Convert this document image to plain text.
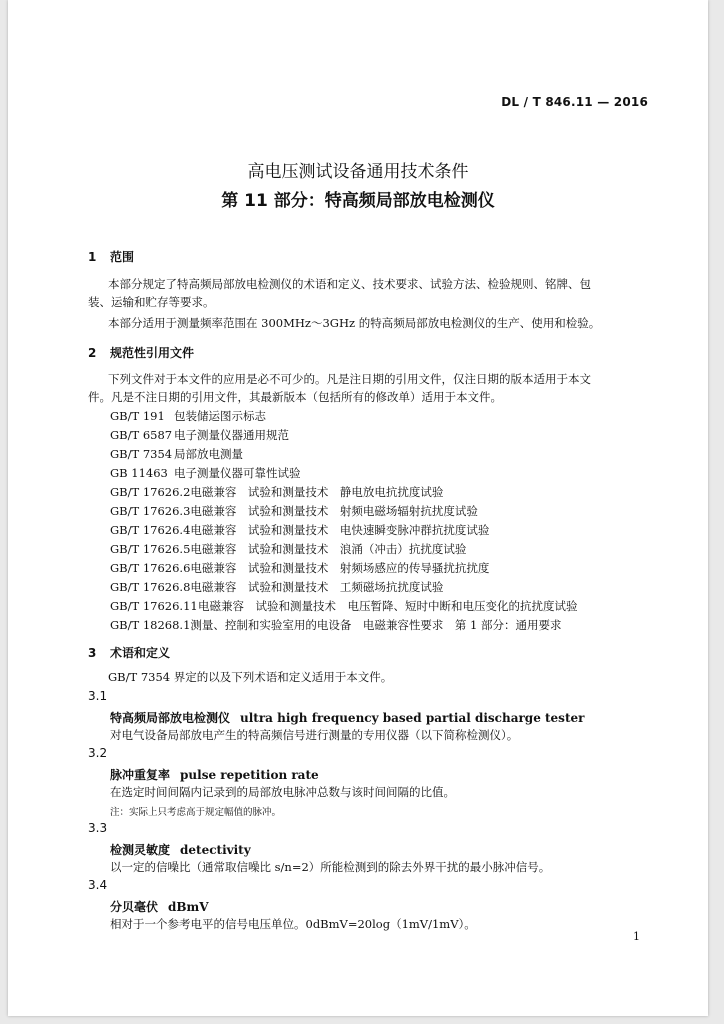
DL / T 846.11 — 2016
高电压测试设备通用技术条件
第 11 部分：特高频局部放电检测仪
1 范围
本部分规定了特高频局部放电检测仪的术语和定义、技术要求、试验方法、检验规则、铭牌、包
装、运输和贮存等要求。
本部分适用于测量频率范围在 300MHz～3GHz 的特高频局部放电检测仪的生产、使用和检验。
2 规范性引用文件
下列文件对于本文件的应用是必不可少的。凡是注日期的引用文件，仅注日期的版本适用于本文
件。凡是不注日期的引用文件，其最新版本（包括所有的修改单）适用于本文件。
GB/T 191 包装储运图示标志
GB/T 6587 电子测量仪器通用规范
GB/T 7354 局部放电测量
GB 11463 电子测量仪器可靠性试验
GB/T 17626.2电磁兼容　试验和测量技术　静电放电抗扰度试验
GB/T 17626.3电磁兼容　试验和测量技术　射频电磁场辐射抗扰度试验
GB/T 17626.4电磁兼容　试验和测量技术　电快速瞬变脉冲群抗扰度试验
GB/T 17626.5电磁兼容　试验和测量技术　浪涌（冲击）抗扰度试验
GB/T 17626.6电磁兼容　试验和测量技术　射频场感应的传导骚扰抗扰度
GB/T 17626.8电磁兼容　试验和测量技术　工频磁场抗扰度试验
GB/T 17626.11电磁兼容　试验和测量技术　电压暂降、短时中断和电压变化的抗扰度试验
GB/T 18268.1测量、控制和实验室用的电设备　电磁兼容性要求　第 1 部分：通用要求
3 术语和定义
GB/T 7354 界定的以及下列术语和定义适用于本文件。
3.1
特高频局部放电检测仪 ultra high frequency based partial discharge tester
对电气设备局部放电产生的特高频信号进行测量的专用仪器（以下简称检测仪）。
3.2
脉冲重复率 pulse repetition rate
在选定时间间隔内记录到的局部放电脉冲总数与该时间间隔的比值。
注：实际上只考虑高于规定幅值的脉冲。
3.3
检测灵敏度 detectivity
以一定的信噪比（通常取信噪比 s/n=2）所能检测到的除去外界干扰的最小脉冲信号。
3.4
分贝毫伏 dBmV
相对于一个参考电平的信号电压单位。0dBmV=20log（1mV/1mV）。
1
